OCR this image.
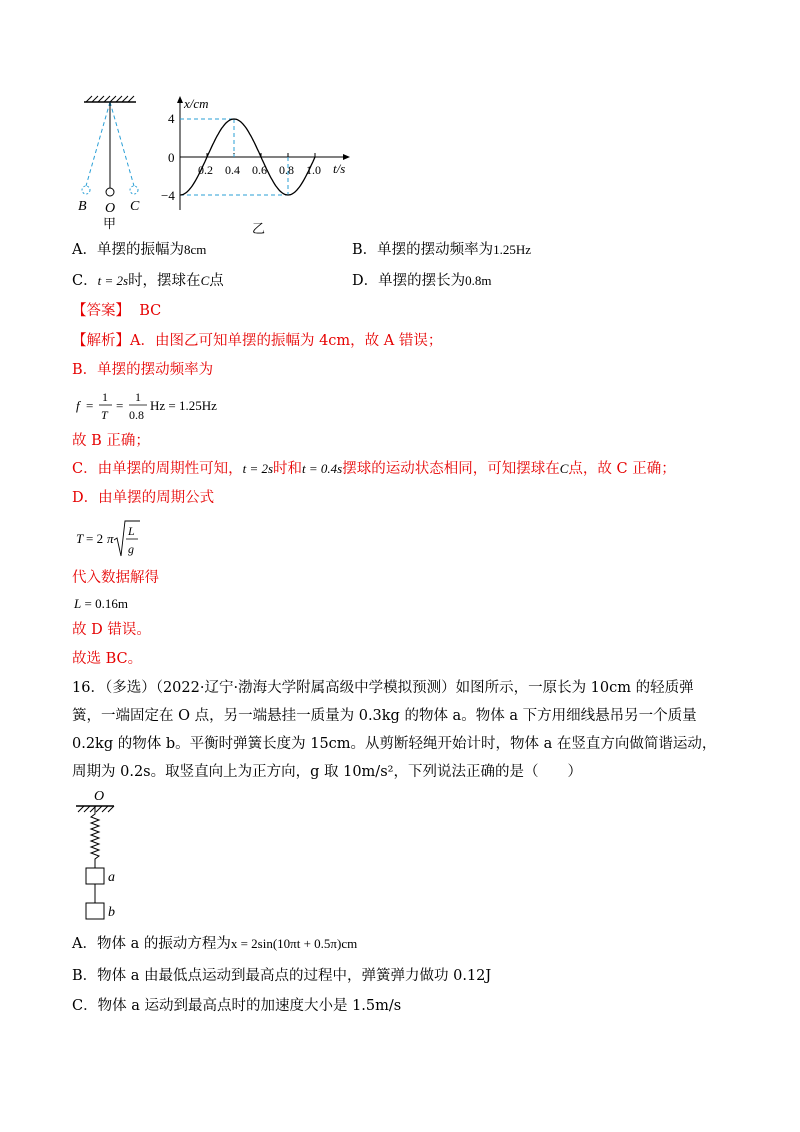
B O C
甲
x/cm
t/s
0
4
−4
0.2 0.4 0.6 0.8 1.0
乙
A．单摆的振幅为8cm	B．单摆的摆动频率为1.25Hz
C．t = 2s时，摆球在C点	D．单摆的摆长为0.8m
【答案】 BC
【解析】A．由图乙可知单摆的振幅为 4cm，故 A 错误；
B．单摆的摆动频率为
f =
1
T
=
1
0.8
Hz = 1.25Hz
故 B 正确；
C．由单摆的周期性可知，t = 2s时和t = 0.4s摆球的运动状态相同，可知摆球在C点，故 C 正确；
D．由单摆的周期公式
T = 2 π L
g
代入数据解得
L = 0.16m
故 D 错误。
故选 BC。
16．（多选）（2022·辽宁·渤海大学附属高级中学模拟预测）如图所示，一原长为 10cm 的轻质弹
簧，一端固定在 O 点，另一端悬挂一质量为 0.3kg 的物体 a。物体 a 下方用细线悬吊另一个质量
0.2kg 的物体 b。平衡时弹簧长度为 15cm。从剪断轻绳开始计时，物体 a 在竖直方向做简谐运动，
周期为 0.2s。取竖直向上为正方向，g 取 10m/s²，下列说法正确的是（　　）
O
a
b
A．物体 a 的振动方程为x = 2sin(10πt + 0.5π)cm
B．物体 a 由最低点运动到最高点的过程中，弹簧弹力做功 0.12J
C．物体 a 运动到最高点时的加速度大小是 1.5m/s
